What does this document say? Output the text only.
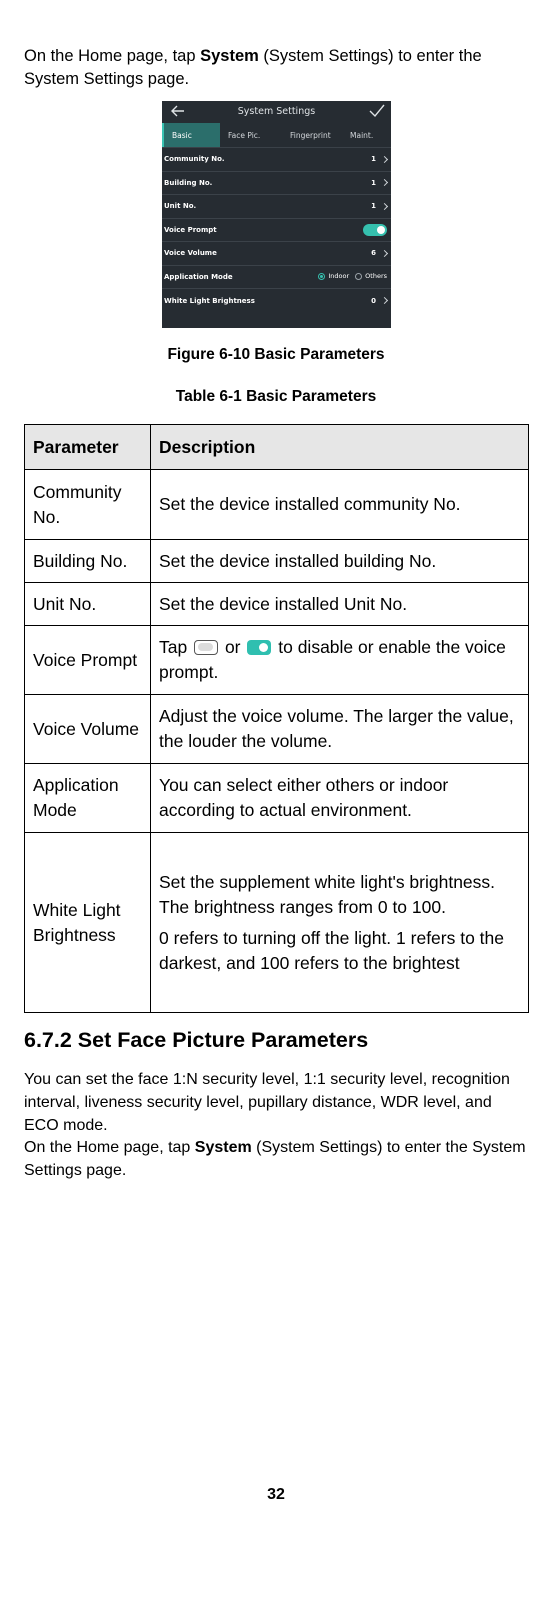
On the Home page, tap System (System Settings) to enter the System Settings page.

System Settings
Basic	Face Pic.	Fingerprint	Maint.
Community No.	1
Building No.	1
Unit No.	1
Voice Prompt
Voice Volume	6
Application Mode	Indoor Others
White Light Brightness	0
Figure 6-10 Basic Parameters
Table 6-1 Basic Parameters
Parameter	Description
Community No.	Set the device installed community No.
Building No.	Set the device installed building No.
Unit No.	Set the device installed Unit No.
Voice Prompt	Tap  or  to disable or enable the voice prompt.
Voice Volume	Adjust the voice volume. The larger the value, the louder the volume.
Application Mode	You can select either others or indoor according to actual environment.
White Light Brightness	Set the supplement white light's brightness. The brightness ranges from 0 to 100.
0 refers to turning off the light. 1 refers to the darkest, and 100 refers to the brightest
6.7.2 Set Face Picture Parameters

You can set the face 1:N security level, 1:1 security level, recognition interval, liveness security level, pupillary distance, WDR level, and ECO mode.

On the Home page, tap System (System Settings) to enter the System Settings page.

32
